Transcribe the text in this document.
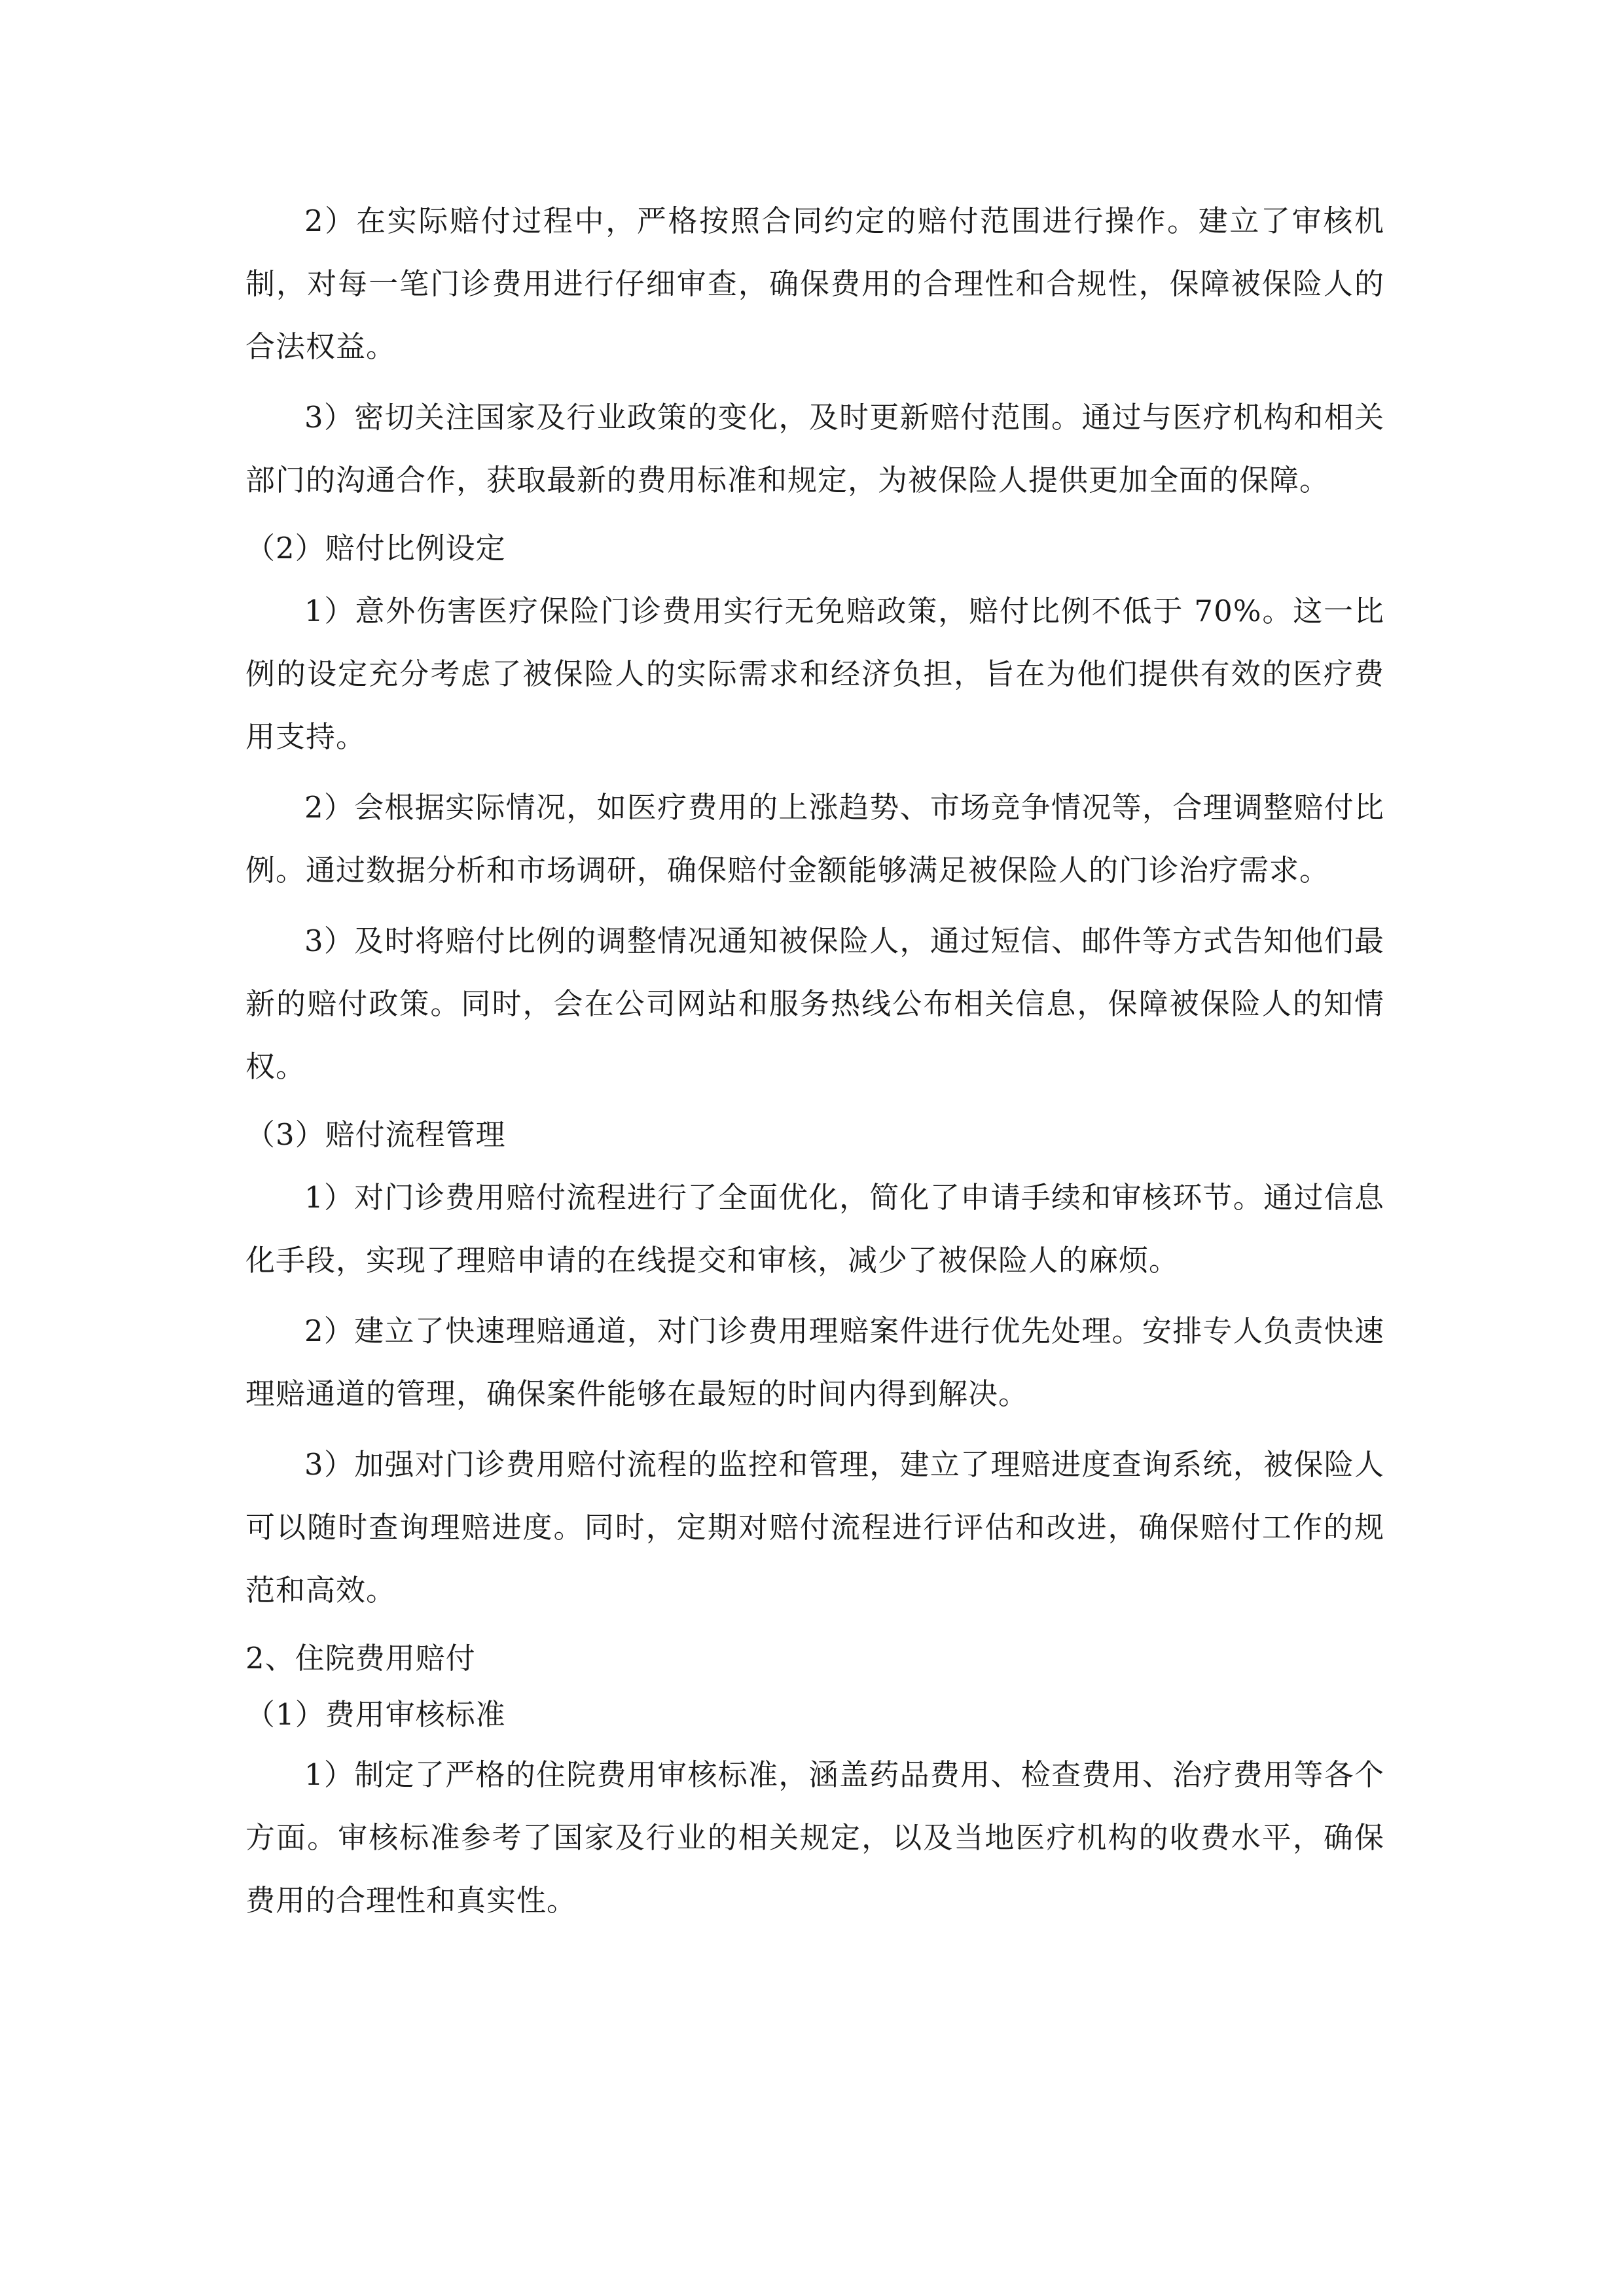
2）在实际赔付过程中，严格按照合同约定的赔付范围进行操作。建立了审核机制，对每一笔门诊费用进行仔细审查，确保费用的合理性和合规性，保障被保险人的合法权益。

3）密切关注国家及行业政策的变化，及时更新赔付范围。通过与医疗机构和相关部门的沟通合作，获取最新的费用标准和规定，为被保险人提供更加全面的保障。

（2）赔付比例设定

1）意外伤害医疗保险门诊费用实行无免赔政策，赔付比例不低于 70%。这一比例的设定充分考虑了被保险人的实际需求和经济负担，旨在为他们提供有效的医疗费用支持。

2）会根据实际情况，如医疗费用的上涨趋势、市场竞争情况等，合理调整赔付比例。通过数据分析和市场调研，确保赔付金额能够满足被保险人的门诊治疗需求。

3）及时将赔付比例的调整情况通知被保险人，通过短信、邮件等方式告知他们最新的赔付政策。同时，会在公司网站和服务热线公布相关信息，保障被保险人的知情权。

（3）赔付流程管理

1）对门诊费用赔付流程进行了全面优化，简化了申请手续和审核环节。通过信息化手段，实现了理赔申请的在线提交和审核，减少了被保险人的麻烦。

2）建立了快速理赔通道，对门诊费用理赔案件进行优先处理。安排专人负责快速理赔通道的管理，确保案件能够在最短的时间内得到解决。

3）加强对门诊费用赔付流程的监控和管理，建立了理赔进度查询系统，被保险人可以随时查询理赔进度。同时，定期对赔付流程进行评估和改进，确保赔付工作的规范和高效。

2、住院费用赔付
（1）费用审核标准

1）制定了严格的住院费用审核标准，涵盖药品费用、检查费用、治疗费用等各个方面。审核标准参考了国家及行业的相关规定，以及当地医疗机构的收费水平，确保费用的合理性和真实性。
